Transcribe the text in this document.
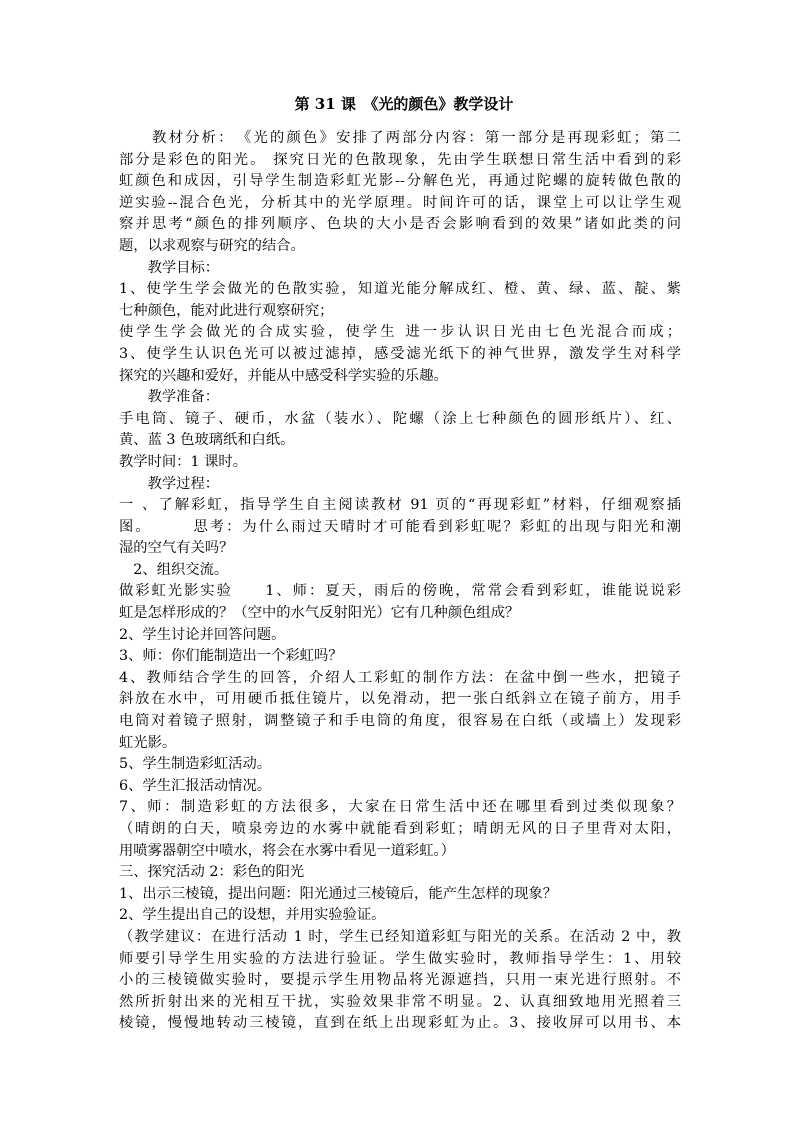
第 31 课　《光的颜色》教学设计
　　教材分析：　《光的颜色》安排了两部分内容：第一部分是再现彩虹；第二
部分是彩色的阳光。 探究日光的色散现象，先由学生联想日常生活中看到的彩
虹颜色和成因，引导学生制造彩虹光影--分解色光，再通过陀螺的旋转做色散的
逆实验--混合色光，分析其中的光学原理。时间许可的话，课堂上可以让学生观
察并思考“颜色的排列顺序、色块的大小是否会影响看到的效果”诸如此类的问
题，以求观察与研究的结合。
　　教学目标：
1、使学生学会做光的色散实验，知道光能分解成红、橙、黄、绿、蓝、靛、紫
七种颜色，能对此进行观察研究；
使学生学会做光的合成实验，使学生 进一步认识日光由七色光混合而成；
3、使学生认识色光可以被过滤掉，感受滤光纸下的神气世界，激发学生对科学
探究的兴趣和爱好，并能从中感受科学实验的乐趣。
　　教学准备：
手电筒、镜子、硬币，水盆（装水）、陀螺（涂上七种颜色的圆形纸片）、红、
黄、蓝 3 色玻璃纸和白纸。
教学时间：1 课时。
　　教学过程：
一 、了解彩虹，指导学生自主阅读教材 91 页的“再现彩虹”材料，仔细观察插
图。　　　思考：为什么雨过天晴时才可能看到彩虹呢？彩虹的出现与阳光和潮
湿的空气有关吗？
　2、组织交流。
做彩虹光影实验　　1、师：夏天，雨后的傍晚，常常会看到彩虹，谁能说说彩
虹是怎样形成的？（空中的水气反射阳光）它有几种颜色组成？
2、学生讨论并回答问题。
3、师：你们能制造出一个彩虹吗？
4、教师结合学生的回答，介绍人工彩虹的制作方法：在盆中倒一些水，把镜子
斜放在水中，可用硬币抵住镜片，以免滑动，把一张白纸斜立在镜子前方，用手
电筒对着镜子照射，调整镜子和手电筒的角度，很容易在白纸（或墙上）发现彩
虹光影。
5、学生制造彩虹活动。
6、学生汇报活动情况。
7、师：制造彩虹的方法很多，大家在日常生活中还在哪里看到过类似现象？
（晴朗的白天，喷泉旁边的水雾中就能看到彩虹；晴朗无风的日子里背对太阳，
用喷雾器朝空中喷水，将会在水雾中看见一道彩虹。）
三、探究活动 2：彩色的阳光
1、出示三棱镜，提出问题：阳光通过三棱镜后，能产生怎样的现象？
2、学生提出自己的设想，并用实验验证。
（教学建议：在进行活动 1 时，学生已经知道彩虹与阳光的关系。在活动 2 中，教
师要引导学生用实验的方法进行验证。学生做实验时，教师指导学生：1、用较
小的三棱镜做实验时，要提示学生用物品将光源遮挡，只用一束光进行照射。不
然所折射出来的光相互干扰，实验效果非常不明显。2、认真细致地用光照着三
棱镜，慢慢地转动三棱镜，直到在纸上出现彩虹为止。3、接收屏可以用书、本
